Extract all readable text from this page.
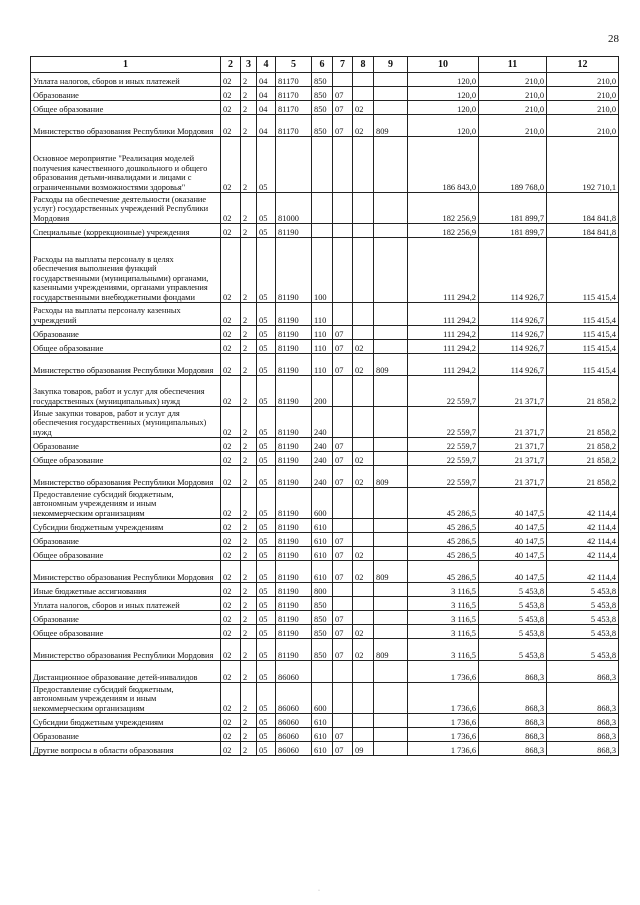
28
1	2	3	4	5	6	7	8	9	10	11	12
Уплата налогов, сборов и иных платежей	02	2	04	81170	850				120,0	210,0	210,0
Образование	02	2	04	81170	850	07			120,0	210,0	210,0
Общее образование	02	2	04	81170	850	07	02		120,0	210,0	210,0
Министерство образования Республики Мордовия	02	2	04	81170	850	07	02	809	120,0	210,0	210,0
Основное мероприятие "Реализация моделей получения качественного дошкольного и общего образования детьми-инвалидами и лицами с ограниченными возможностями здоровья"	02	2	05						186 843,0	189 768,0	192 710,1
Расходы на обеспечение деятельности (оказание услуг) государственных учреждений Республики Мордовия	02	2	05	81000					182 256,9	181 899,7	184 841,8
Специальные (коррекционные) учреждения	02	2	05	81190					182 256,9	181 899,7	184 841,8
Расходы на выплаты персоналу в целях обеспечения выполнения функций государственными (муниципальными) органами, казенными учреждениями, органами управления государственными внебюджетными фондами	02	2	05	81190	100				111 294,2	114 926,7	115 415,4
Расходы на выплаты персоналу казенных учреждений	02	2	05	81190	110				111 294,2	114 926,7	115 415,4
Образование	02	2	05	81190	110	07			111 294,2	114 926,7	115 415,4
Общее образование	02	2	05	81190	110	07	02		111 294,2	114 926,7	115 415,4
Министерство образования Республики Мордовия	02	2	05	81190	110	07	02	809	111 294,2	114 926,7	115 415,4
Закупка товаров, работ и услуг для обеспечения государственных (муниципальных) нужд	02	2	05	81190	200				22 559,7	21 371,7	21 858,2
Иные закупки товаров, работ и услуг для обеспечения государственных (муниципальных) нужд	02	2	05	81190	240				22 559,7	21 371,7	21 858,2
Образование	02	2	05	81190	240	07			22 559,7	21 371,7	21 858,2
Общее образование	02	2	05	81190	240	07	02		22 559,7	21 371,7	21 858,2
Министерство образования Республики Мордовия	02	2	05	81190	240	07	02	809	22 559,7	21 371,7	21 858,2
Предоставление субсидий бюджетным, автономным учреждениям и иным некоммерческим организациям	02	2	05	81190	600				45 286,5	40 147,5	42 114,4
Субсидии бюджетным учреждениям	02	2	05	81190	610				45 286,5	40 147,5	42 114,4
Образование	02	2	05	81190	610	07			45 286,5	40 147,5	42 114,4
Общее образование	02	2	05	81190	610	07	02		45 286,5	40 147,5	42 114,4
Министерство образования Республики Мордовия	02	2	05	81190	610	07	02	809	45 286,5	40 147,5	42 114,4
Иные бюджетные ассигнования	02	2	05	81190	800				3 116,5	5 453,8	5 453,8
Уплата налогов, сборов и иных платежей	02	2	05	81190	850				3 116,5	5 453,8	5 453,8
Образование	02	2	05	81190	850	07			3 116,5	5 453,8	5 453,8
Общее образование	02	2	05	81190	850	07	02		3 116,5	5 453,8	5 453,8
Министерство образования Республики Мордовия	02	2	05	81190	850	07	02	809	3 116,5	5 453,8	5 453,8
Дистанционное образование детей-инвалидов	02	2	05	86060					1 736,6	868,3	868,3
Предоставление субсидий бюджетным, автономным учреждениям и иным некоммерческим организациям	02	2	05	86060	600				1 736,6	868,3	868,3
Субсидии бюджетным учреждениям	02	2	05	86060	610				1 736,6	868,3	868,3
Образование	02	2	05	86060	610	07			1 736,6	868,3	868,3
Другие вопросы в области образования	02	2	05	86060	610	07	09		1 736,6	868,3	868,3
·
